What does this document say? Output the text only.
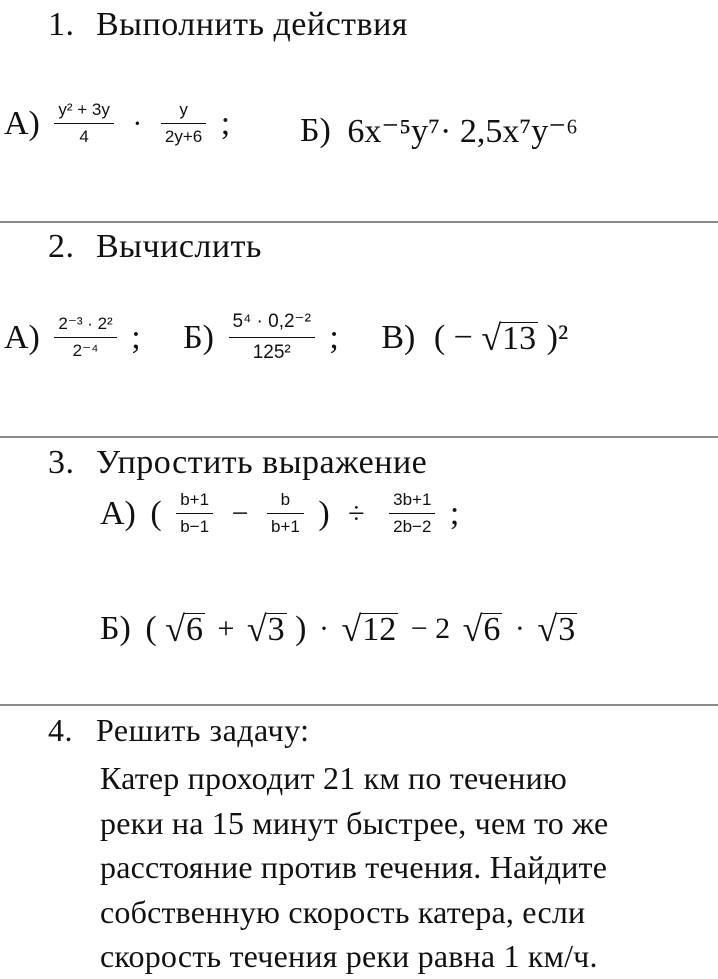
1. Выполнить действия
$А) \frac{\text{y² + 3y}}{4} \cdot \frac{y}{2y+6}$ ; Б) 6x⁻⁵y⁷· 2,5x⁷y⁻⁶
2. Вычислить
$А) \frac{\text{2⁻³ · 2²}}{\text{2⁻⁴}}$ ; $Б) \frac{\text{5⁴ · 0,2⁻²}}{\text{125²}}$ ; В) ( − √ 13 )²
3. Упростить выражение
А) ( $\frac{b+1}{b-1} - \frac{b}{b+1}$ ) ÷ $\frac{3b+1}{2b-2}$ ;
Б) ( √ 6 + √ 3 ) · √ 12 − 2 √ 6 · √ 3
4. Решить задачу:
Катер проходит 21 км по течению
реки на 15 минут быстрее, чем то же
расстояние против течения. Найдите
собственную скорость катера, если
скорость течения реки равна 1 км/ч.
